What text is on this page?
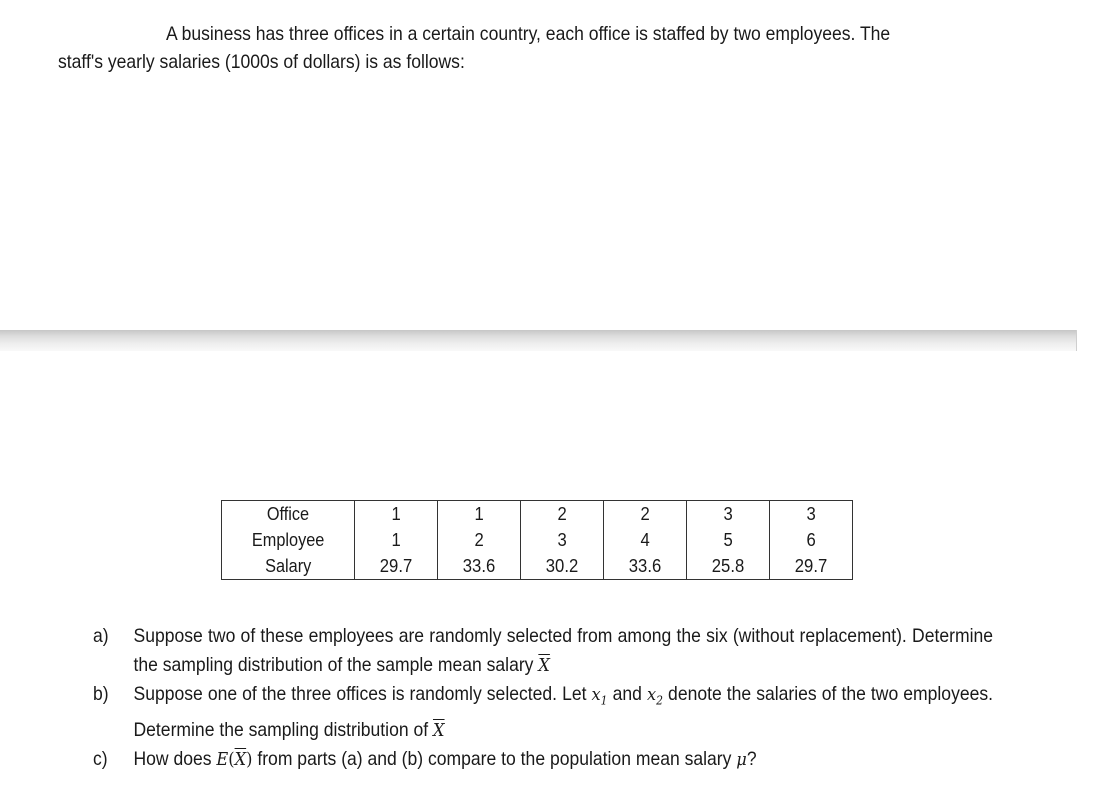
A business has three offices in a certain country, each office is staffed by two employees. The staff's yearly salaries (1000s of dollars) is as follows:

Office	1	1	2	2	3	3
Employee	1	2	3	4	5	6
Salary	29.7	33.6	30.2	33.6	25.8	29.7
a) Suppose two of these employees are randomly selected from among the six (without replacement). Determine the sampling distribution of the sample mean salary $\overline{X}$
b) Suppose one of the three offices is randomly selected. Let $x_1$ and $x_2$ denote the salaries of the two employees. Determine the sampling distribution of $\overline{X}$
c) How does $E(\overline{X})$ from parts (a) and (b) compare to the population mean salary μ?
